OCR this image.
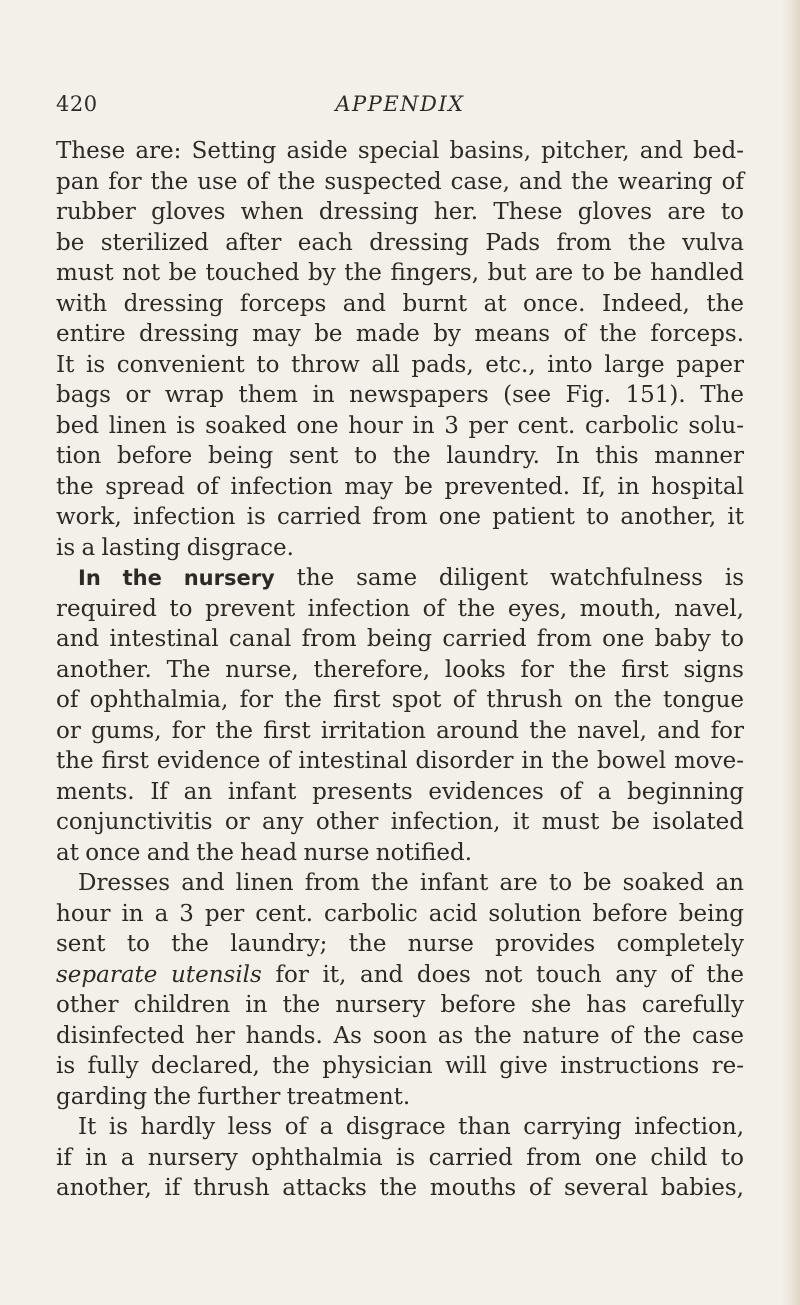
420	APPENDIX
These are: Setting aside special basins, pitcher, and bed-
pan for the use of the suspected case, and the wearing of
rubber gloves when dressing her. These gloves are to
be sterilized after each dressing Pads from the vulva
must not be touched by the fingers, but are to be handled
with dressing forceps and burnt at once. Indeed, the
entire dressing may be made by means of the forceps.
It is convenient to throw all pads, etc., into large paper
bags or wrap them in newspapers (see Fig. 151). The
bed linen is soaked one hour in 3 per cent. carbolic solu-
tion before being sent to the laundry. In this manner
the spread of infection may be prevented. If, in hospital
work, infection is carried from one patient to another, it
is a lasting disgrace.
In the nursery the same diligent watchfulness is
required to prevent infection of the eyes, mouth, navel,
and intestinal canal from being carried from one baby to
another. The nurse, therefore, looks for the first signs
of ophthalmia, for the first spot of thrush on the tongue
or gums, for the first irritation around the navel, and for
the first evidence of intestinal disorder in the bowel move-
ments. If an infant presents evidences of a beginning
conjunctivitis or any other infection, it must be isolated
at once and the head nurse notified.
Dresses and linen from the infant are to be soaked an
hour in a 3 per cent. carbolic acid solution before being
sent to the laundry; the nurse provides completely
separate utensils for it, and does not touch any of the
other children in the nursery before she has carefully
disinfected her hands. As soon as the nature of the case
is fully declared, the physician will give instructions re-
garding the further treatment.
It is hardly less of a disgrace than carrying infection,
if in a nursery ophthalmia is carried from one child to
another, if thrush attacks the mouths of several babies,
